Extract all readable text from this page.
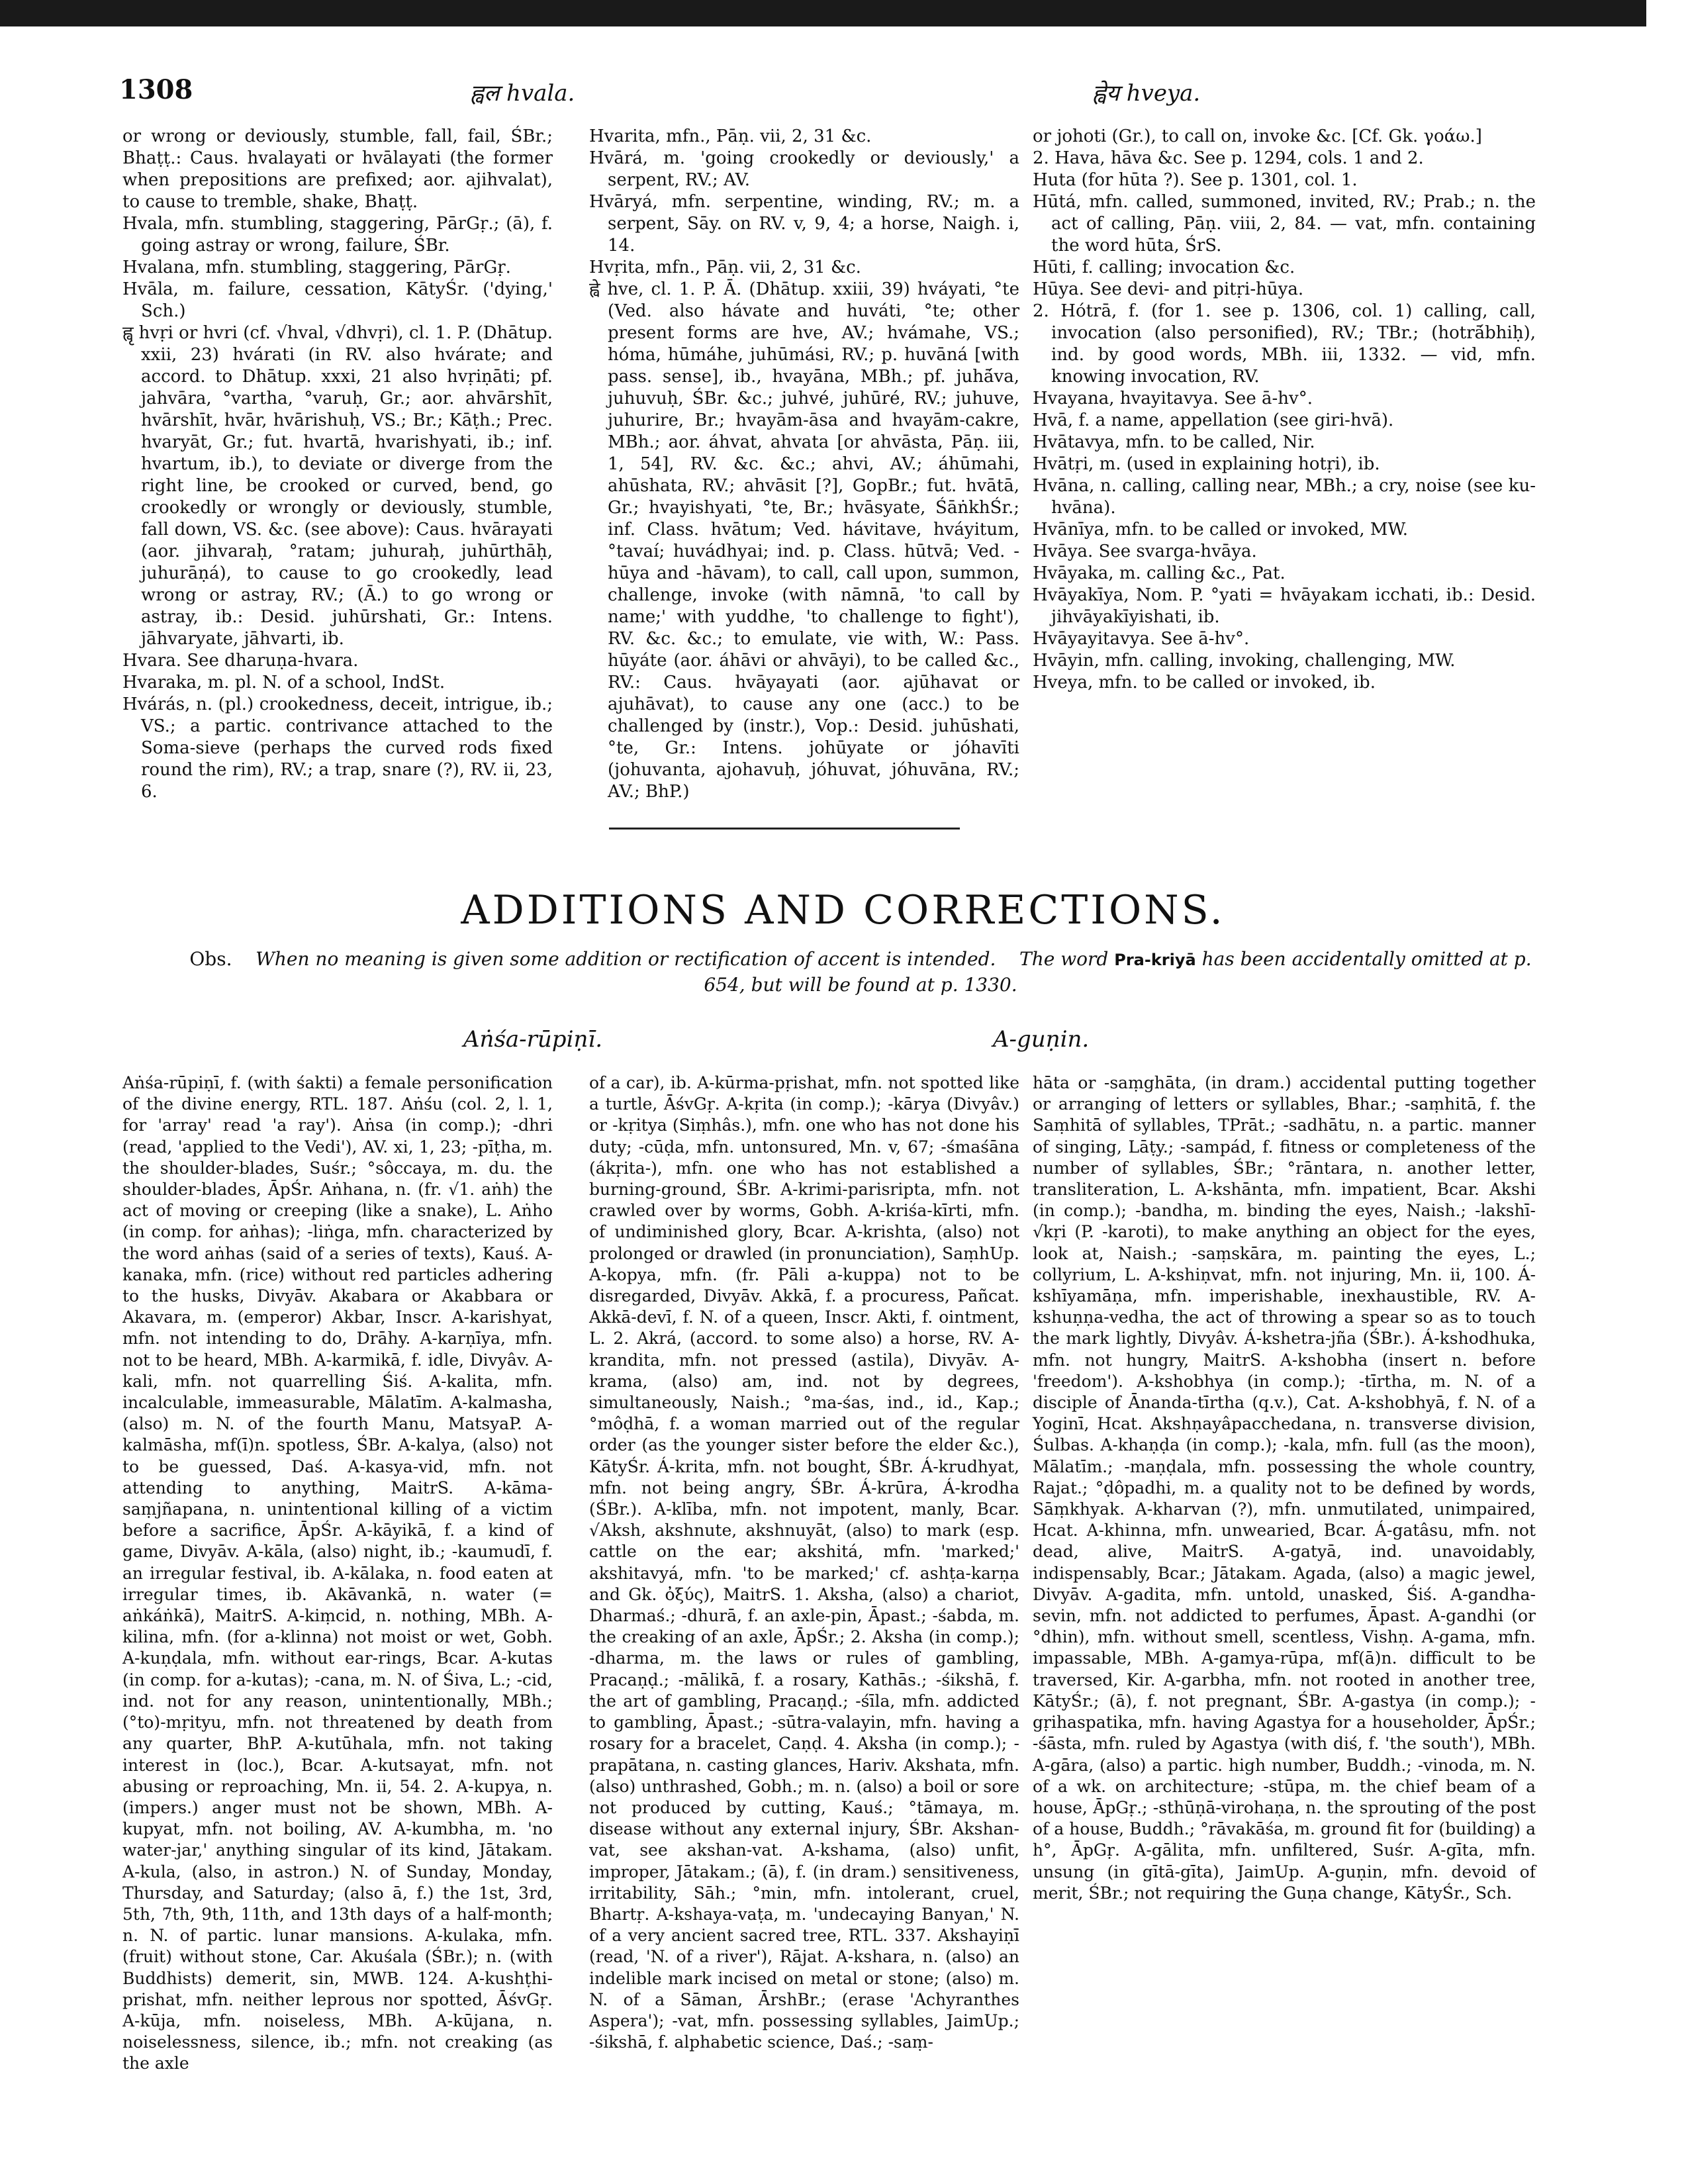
1308	ह्वल hvala.	ह्वेय hveya.

or wrong or deviously, stumble, fall, fail, ŚBr.; Bhaṭṭ.: Caus. hvalayati or hvālayati (the former when prepositions are prefixed; aor. ajihvalat), to cause to tremble, shake, Bhaṭṭ.

Hvala, mfn. stumbling, staggering, PārGṛ.; (ā), f. going astray or wrong, failure, ŚBr.

Hvalana, mfn. stumbling, staggering, PārGṛ.

Hvāla, m. failure, cessation, KātyŚr. ('dying,' Sch.)

ह्वृ hvṛi or hvri (cf. √hval, √dhvṛi), cl. 1. P. (Dhātup. xxii, 23) hvárati (in RV. also hvárate; and accord. to Dhātup. xxxi, 21 also hvṛiṇāti; pf. jahvāra, °vartha, °varuḥ, Gr.; aor. ahvārshīt, hvārshīt, hvār, hvārishuḥ, VS.; Br.; Kāṭh.; Prec. hvaryāt, Gr.; fut. hvartā, hvarishyati, ib.; inf. hvartum, ib.), to deviate or diverge from the right line, be crooked or curved, bend, go crookedly or wrongly or deviously, stumble, fall down, VS. &c. (see above): Caus. hvārayati (aor. jihvaraḥ, °ratam; juhuraḥ, juhūrthāḥ, juhurāṇá), to cause to go crookedly, lead wrong or astray, RV.; (Ā.) to go wrong or astray, ib.: Desid. juhūrshati, Gr.: Intens. jāhvaryate, jāhvarti, ib.

Hvara. See dharuṇa-hvara.

Hvaraka, m. pl. N. of a school, IndSt.

Hvárás, n. (pl.) crookedness, deceit, intrigue, ib.; VS.; a partic. contrivance attached to the Soma-sieve (perhaps the curved rods fixed round the rim), RV.; a trap, snare (?), RV. ii, 23, 6.

Hvarita, mfn., Pāṇ. vii, 2, 31 &c.

Hvārá, m. 'going crookedly or deviously,' a serpent, RV.; AV.

Hvāryá, mfn. serpentine, winding, RV.; m. a serpent, Sāy. on RV. v, 9, 4; a horse, Naigh. i, 14.

Hvṛita, mfn., Pāṇ. vii, 2, 31 &c.

ह्वे hve, cl. 1. P. Ā. (Dhātup. xxiii, 39) hváyati, °te (Ved. also hávate and huváti, °te; other present forms are hve, AV.; hvámahe, VS.; hóma, hūmáhe, juhūmási, RV.; p. huvāná [with pass. sense], ib., hvayāna, MBh.; pf. juhā́va, juhuvuḥ, ŚBr. &c.; juhvé, juhūré, RV.; juhuve, juhurire, Br.; hvayām-āsa and hvayām-cakre, MBh.; aor. áhvat, ahvata [or ahvāsta, Pāṇ. iii, 1, 54], RV. &c. &c.; ahvi, AV.; áhūmahi, ahūshata, RV.; ahvāsit [?], GopBr.; fut. hvātā, Gr.; hvayishyati, °te, Br.; hvāsyate, ŚāṅkhŚr.; inf. Class. hvātum; Ved. hávitave, hváyitum, °tavaí; huvádhyai; ind. p. Class. hūtvā; Ved. -hūya and -hāvam), to call, call upon, summon, challenge, invoke (with nāmnā, 'to call by name;' with yuddhe, 'to challenge to fight'), RV. &c. &c.; to emulate, vie with, W.: Pass. hūyáte (aor. áhāvi or ahvāyi), to be called &c., RV.: Caus. hvāyayati (aor. ajūhavat or ajuhāvat), to cause any one (acc.) to be challenged by (instr.), Vop.: Desid. juhūshati, °te, Gr.: Intens. johūyate or jóhavīti (johuvanta, ajohavuḥ, jóhuvat, jóhuvāna, RV.; AV.; BhP.)

or johoti (Gr.), to call on, invoke &c. [Cf. Gk. γοάω.]

2. Hava, hāva &c. See p. 1294, cols. 1 and 2.

Huta (for hūta ?). See p. 1301, col. 1.

Hūtá, mfn. called, summoned, invited, RV.; Prab.; n. the act of calling, Pāṇ. viii, 2, 84. — vat, mfn. containing the word hūta, ŚrS.

Hūti, f. calling; invocation &c.

Hūya. See devi- and pitṛi-hūya.

2. Hótrā, f. (for 1. see p. 1306, col. 1) calling, call, invocation (also personified), RV.; TBr.; (hotrā́bhiḥ), ind. by good words, MBh. iii, 1332. — vid, mfn. knowing invocation, RV.

Hvayana, hvayitavya. See ā-hv°.

Hvā, f. a name, appellation (see giri-hvā).

Hvātavya, mfn. to be called, Nir.

Hvātṛi, m. (used in explaining hotṛi), ib.

Hvāna, n. calling, calling near, MBh.; a cry, noise (see ku-hvāna).

Hvānīya, mfn. to be called or invoked, MW.

Hvāya. See svarga-hvāya.

Hvāyaka, m. calling &c., Pat.

Hvāyakīya, Nom. P. °yati = hvāyakam icchati, ib.: Desid. jihvāyakīyishati, ib.

Hvāyayitavya. See ā-hv°.

Hvāyin, mfn. calling, invoking, challenging, MW.

Hveya, mfn. to be called or invoked, ib.

ADDITIONS AND CORRECTIONS.
Obs. When no meaning is given some addition or rectification of accent is intended. The word Pra-kriyā has been accidentally omitted at p. 654, but will be found at p. 1330.
Aṅśa-rūpiṇī.	A-guṇin.

Aṅśa-rūpiṇī, f. (with śakti) a female personification of the divine energy, RTL. 187. Aṅśu (col. 2, l. 1, for 'array' read 'a ray'). Aṅsa (in comp.); -dhri (read, 'applied to the Vedi'), AV. xi, 1, 23; -pīṭha, m. the shoulder-blades, Suśr.; °sôccaya, m. du. the shoulder-blades, ĀpŚr. Aṅhana, n. (fr. √1. aṅh) the act of moving or creeping (like a snake), L. Aṅho (in comp. for aṅhas); -liṅga, mfn. characterized by the word aṅhas (said of a series of texts), Kauś. A-kanaka, mfn. (rice) without red particles adhering to the husks, Divyāv. Akabara or Akabbara or Akavara, m. (emperor) Akbar, Inscr. A-karishyat, mfn. not intending to do, Drāhy. A-karṇīya, mfn. not to be heard, MBh. A-karmikā, f. idle, Divyâv. A-kali, mfn. not quarrelling Śiś. A-kalita, mfn. incalculable, immeasurable, Mālatīm. A-kalmasha, (also) m. N. of the fourth Manu, MatsyaP. A-kalmāsha, mf(ī)n. spotless, ŚBr. A-kalya, (also) not to be guessed, Daś. A-kasya-vid, mfn. not attending to anything, MaitrS. A-kāma-saṃjñapana, n. unintentional killing of a victim before a sacrifice, ĀpŚr. A-kāyikā, f. a kind of game, Divyāv. A-kāla, (also) night, ib.; -kaumudī, f. an irregular festival, ib. A-kālaka, n. food eaten at irregular times, ib. Akāvankā, n. water (= aṅkáṅkā), MaitrS. A-kiṃcid, n. nothing, MBh. A-kilina, mfn. (for a-klinna) not moist or wet, Gobh. A-kuṇḍala, mfn. without ear-rings, Bcar. A-kutas (in comp. for a-kutas); -cana, m. N. of Śiva, L.; -cid, ind. not for any reason, unintentionally, MBh.; (°to)-mṛityu, mfn. not threatened by death from any quarter, BhP. A-kutūhala, mfn. not taking interest in (loc.), Bcar. A-kutsayat, mfn. not abusing or reproaching, Mn. ii, 54. 2. A-kupya, n. (impers.) anger must not be shown, MBh. A-kupyat, mfn. not boiling, AV. A-kumbha, m. 'no water-jar,' anything singular of its kind, Jātakam. A-kula, (also, in astron.) N. of Sunday, Monday, Thursday, and Saturday; (also ā, f.) the 1st, 3rd, 5th, 7th, 9th, 11th, and 13th days of a half-month; n. N. of partic. lunar mansions. A-kulaka, mfn. (fruit) without stone, Car. Akuśala (ŚBr.); n. (with Buddhists) demerit, sin, MWB. 124. A-kushṭhi-prishat, mfn. neither leprous nor spotted, ĀśvGṛ. A-kūja, mfn. noiseless, MBh. A-kūjana, n. noiselessness, silence, ib.; mfn. not creaking (as the axle

of a car), ib. A-kūrma-pṛishat, mfn. not spotted like a turtle, ĀśvGṛ. A-kṛita (in comp.); -kārya (Divyâv.) or -kṛitya (Siṃhâs.), mfn. one who has not done his duty; -cūḍa, mfn. untonsured, Mn. v, 67; -śmaśāna (ákṛita-), mfn. one who has not established a burning-ground, ŚBr. A-krimi-parisripta, mfn. not crawled over by worms, Gobh. A-kriśa-kīrti, mfn. of undiminished glory, Bcar. A-krishta, (also) not prolonged or drawled (in pronunciation), SaṃhUp. A-kopya, mfn. (fr. Pāli a-kuppa) not to be disregarded, Divyāv. Akkā, f. a procuress, Pañcat. Akkā-devī, f. N. of a queen, Inscr. Akti, f. ointment, L. 2. Akrá, (accord. to some also) a horse, RV. A-krandita, mfn. not pressed (astila), Divyāv. A-krama, (also) am, ind. not by degrees, simultaneously, Naish.; °ma-śas, ind., id., Kap.; °môḍhā, f. a woman married out of the regular order (as the younger sister before the elder &c.), KātyŚr. Á-krita, mfn. not bought, ŚBr. Á-krudhyat, mfn. not being angry, ŚBr. Á-krūra, Á-krodha (ŚBr.). A-klība, mfn. not impotent, manly, Bcar. √Aksh, akshnute, akshnuyāt, (also) to mark (esp. cattle on the ear; akshitá, mfn. 'marked;' akshitavyá, mfn. 'to be marked;' cf. ashṭa-karṇa and Gk. ὀξύς), MaitrS. 1. Aksha, (also) a chariot, Dharmaś.; -dhurā, f. an axle-pin, Āpast.; -śabda, m. the creaking of an axle, ĀpŚr.; 2. Aksha (in comp.); -dharma, m. the laws or rules of gambling, Pracaṇḍ.; -mālikā, f. a rosary, Kathās.; -śikshā, f. the art of gambling, Pracaṇḍ.; -śīla, mfn. addicted to gambling, Āpast.; -sūtra-valayin, mfn. having a rosary for a bracelet, Caṇḍ. 4. Aksha (in comp.); -prapātana, n. casting glances, Hariv. Akshata, mfn. (also) unthrashed, Gobh.; m. n. (also) a boil or sore not produced by cutting, Kauś.; °tāmaya, m. disease without any external injury, ŚBr. Akshan-vat, see akshan-vat. A-kshama, (also) unfit, improper, Jātakam.; (ā), f. (in dram.) sensitiveness, irritability, Sāh.; °min, mfn. intolerant, cruel, Bhartṛ. A-kshaya-vaṭa, m. 'undecaying Banyan,' N. of a very ancient sacred tree, RTL. 337. Akshayiṇī (read, 'N. of a river'), Rājat. A-kshara, n. (also) an indelible mark incised on metal or stone; (also) m. N. of a Sāman, ĀrshBr.; (erase 'Achyranthes Aspera'); -vat, mfn. possessing syllables, JaimUp.; -śikshā, f. alphabetic science, Daś.; -saṃ-

hāta or -saṃghāta, (in dram.) accidental putting together or arranging of letters or syllables, Bhar.; -saṃhitā, f. the Saṃhitā of syllables, TPrāt.; -sadhātu, n. a partic. manner of singing, Lāṭy.; -sampád, f. fitness or completeness of the number of syllables, ŚBr.; °rāntara, n. another letter, transliteration, L. A-kshānta, mfn. impatient, Bcar. Akshi (in comp.); -bandha, m. binding the eyes, Naish.; -lakshī-√kṛi (P. -karoti), to make anything an object for the eyes, look at, Naish.; -saṃskāra, m. painting the eyes, L.; collyrium, L. A-kshiṇvat, mfn. not injuring, Mn. ii, 100. Á-kshīyamāṇa, mfn. imperishable, inexhaustible, RV. A-kshuṇṇa-vedha, the act of throwing a spear so as to touch the mark lightly, Divyâv. Á-kshetra-jña (ŚBr.). Á-kshodhuka, mfn. not hungry, MaitrS. A-kshobha (insert n. before 'freedom'). A-kshobhya (in comp.); -tīrtha, m. N. of a disciple of Ānanda-tīrtha (q.v.), Cat. A-kshobhyā, f. N. of a Yoginī, Hcat. Akshṇayâpacchedana, n. transverse division, Śulbas. A-khaṇḍa (in comp.); -kala, mfn. full (as the moon), Mālatīm.; -maṇḍala, mfn. possessing the whole country, Rajat.; °ḍôpadhi, m. a quality not to be defined by words, Sāṃkhyak. A-kharvan (?), mfn. unmutilated, unimpaired, Hcat. A-khinna, mfn. unwearied, Bcar. Á-gatâsu, mfn. not dead, alive, MaitrS. A-gatyā, ind. unavoidably, indispensably, Bcar.; Jātakam. Agada, (also) a magic jewel, Divyāv. A-gadita, mfn. untold, unasked, Śiś. A-gandha-sevin, mfn. not addicted to perfumes, Āpast. A-gandhi (or °dhin), mfn. without smell, scentless, Vishṇ. A-gama, mfn. impassable, MBh. A-gamya-rūpa, mf(ā)n. difficult to be traversed, Kir. A-garbha, mfn. not rooted in another tree, KātyŚr.; (ā), f. not pregnant, ŚBr. A-gastya (in comp.); -gṛihaspatika, mfn. having Agastya for a householder, ĀpŚr.; -śāsta, mfn. ruled by Agastya (with diś, f. 'the south'), MBh. A-gāra, (also) a partic. high number, Buddh.; -vinoda, m. N. of a wk. on architecture; -stūpa, m. the chief beam of a house, ĀpGṛ.; -sthūṇā-virohaṇa, n. the sprouting of the post of a house, Buddh.; °rāvakāśa, m. ground fit for (building) a h°, ĀpGṛ. A-gālita, mfn. unfiltered, Suśr. A-gīta, mfn. unsung (in gītā-gīta), JaimUp. A-guṇin, mfn. devoid of merit, ŚBr.; not requiring the Guṇa change, KātyŚr., Sch.
